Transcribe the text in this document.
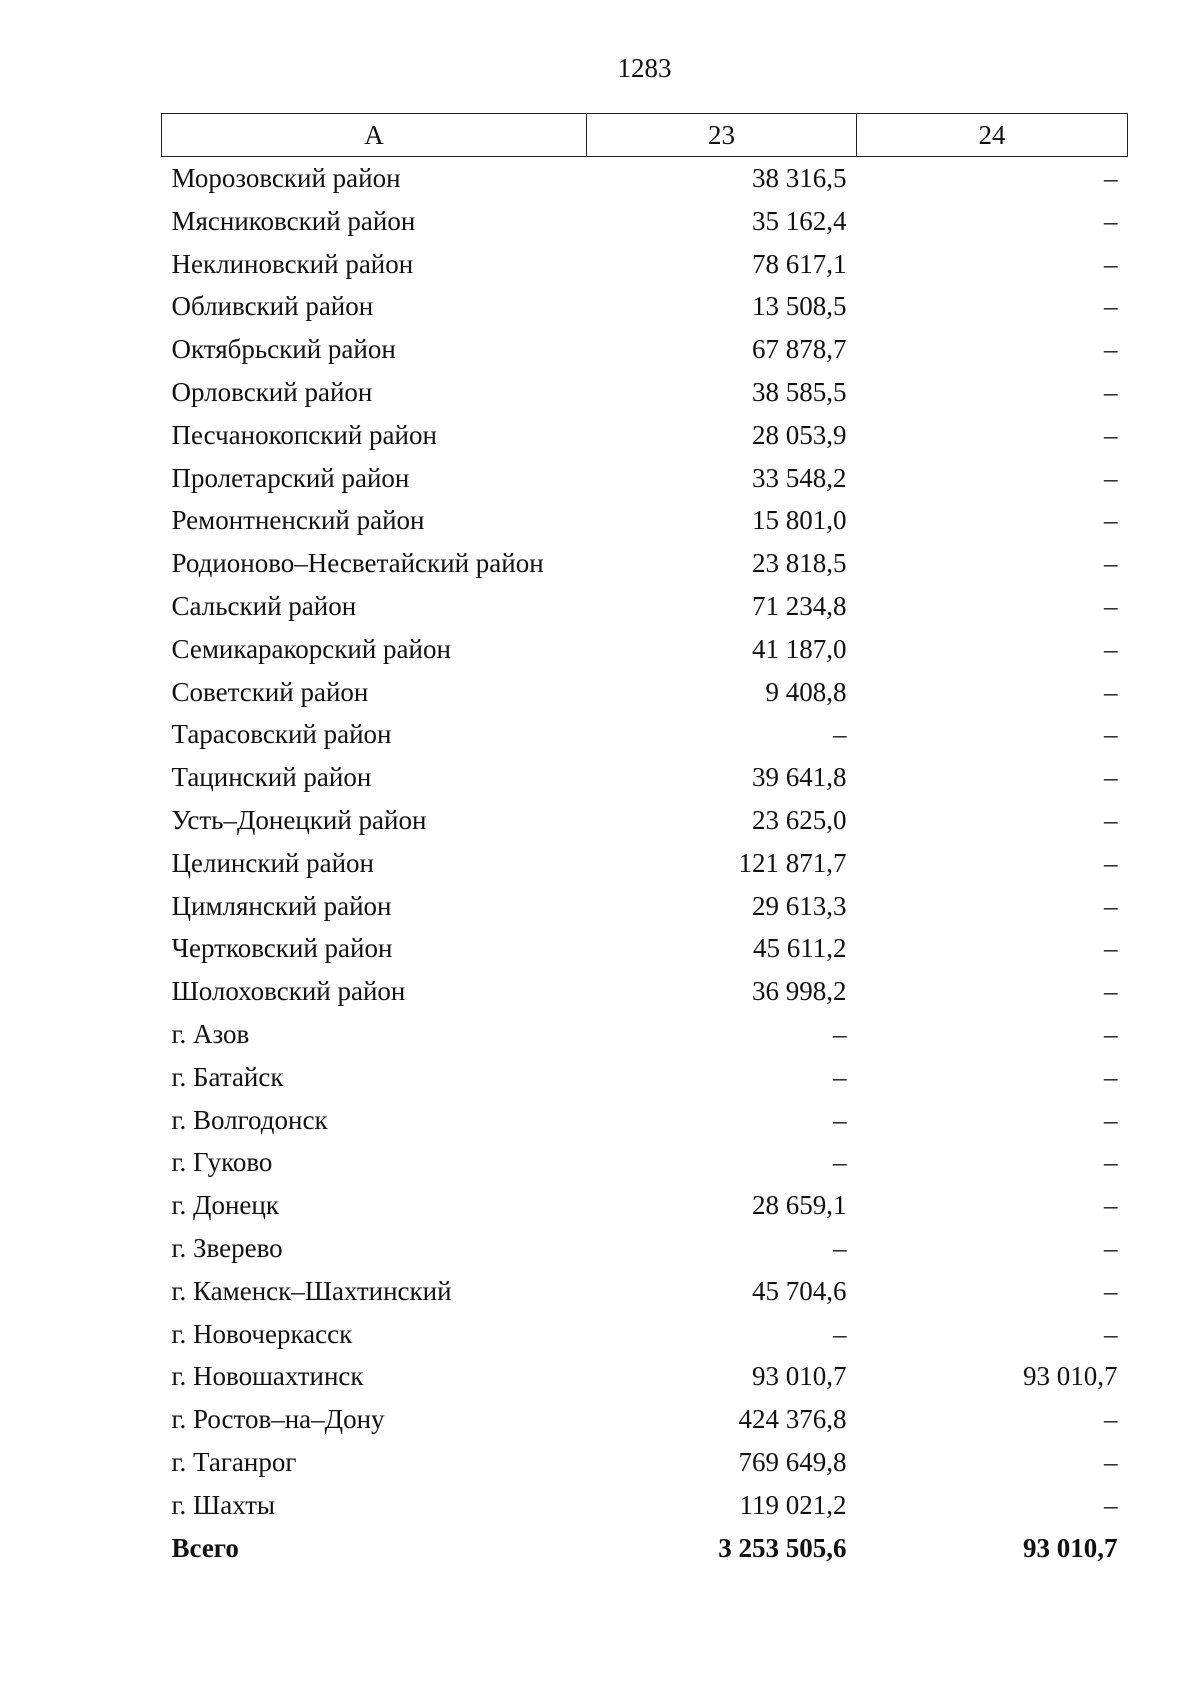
1283
А	23	24
Морозовский район	38 316,5	–
Мясниковский район	35 162,4	–
Неклиновский район	78 617,1	–
Обливский район	13 508,5	–
Октябрьский район	67 878,7	–
Орловский район	38 585,5	–
Песчанокопский район	28 053,9	–
Пролетарский район	33 548,2	–
Ремонтненский район	15 801,0	–
Родионово–Несветайский район	23 818,5	–
Сальский район	71 234,8	–
Семикаракорский район	41 187,0	–
Советский район	9 408,8	–
Тарасовский район	–	–
Тацинский район	39 641,8	–
Усть–Донецкий район	23 625,0	–
Целинский район	121 871,7	–
Цимлянский район	29 613,3	–
Чертковский район	45 611,2	–
Шолоховский район	36 998,2	–
г. Азов	–	–
г. Батайск	–	–
г. Волгодонск	–	–
г. Гуково	–	–
г. Донецк	28 659,1	–
г. Зверево	–	–
г. Каменск–Шахтинский	45 704,6	–
г. Новочеркасск	–	–
г. Новошахтинск	93 010,7	93 010,7
г. Ростов–на–Дону	424 376,8	–
г. Таганрог	769 649,8	–
г. Шахты	119 021,2	–
Всего	3 253 505,6	93 010,7
